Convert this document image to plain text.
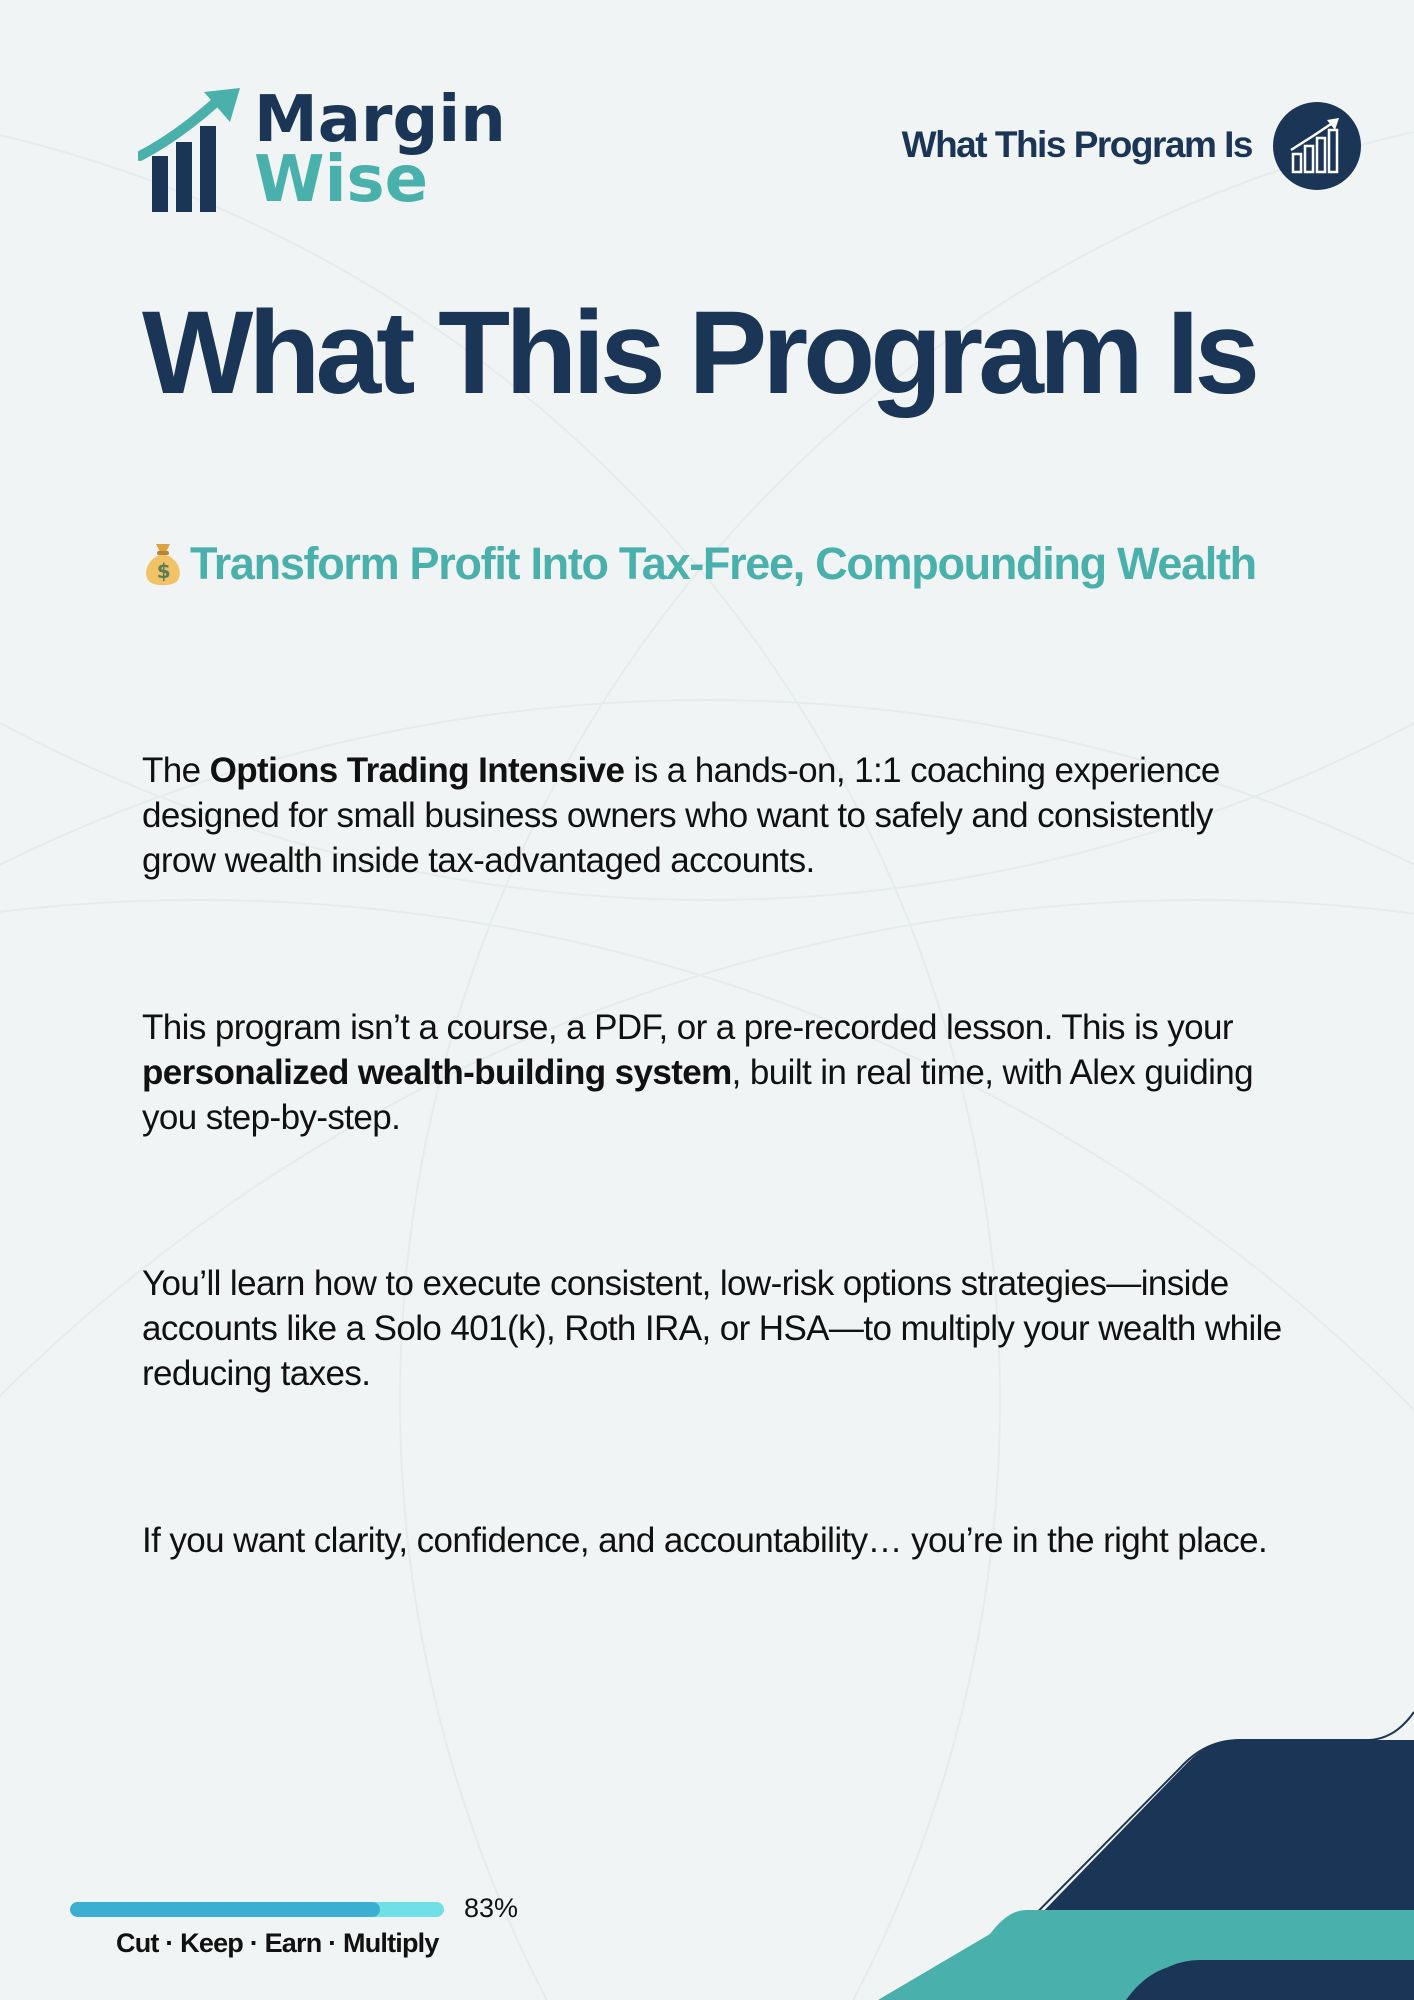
Margin
Wise	What This Program Is
What This Program Is
$ Transform Profit Into Tax-Free, Compounding Wealth

The Options Trading Intensive is a hands-on, 1:1 coaching experience designed for small business owners who want to safely and consistently grow wealth inside tax-advantaged accounts.

This program isn’t a course, a PDF, or a pre-recorded lesson. This is your personalized wealth-building system, built in real time, with Alex guiding you step-by-step.

You’ll learn how to execute consistent, low-risk options strategies—inside accounts like a Solo 401(k), Roth IRA, or HSA—to multiply your wealth while reducing taxes.

If you want clarity, confidence, and accountability… you’re in the right place.

83%
Cut · Keep · Earn · Multiply
